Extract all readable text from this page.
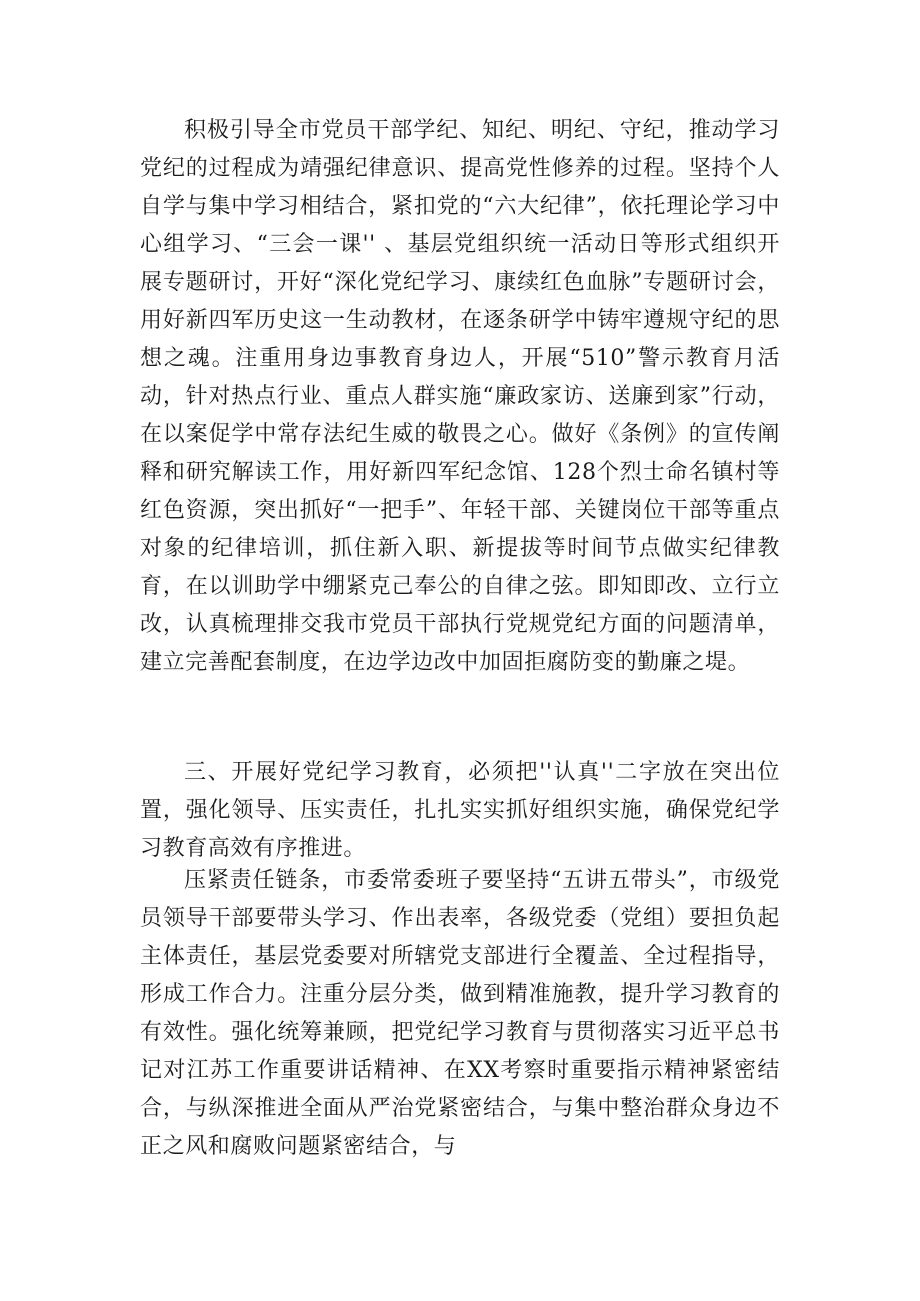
积极引导全市党员干部学纪、知纪、明纪、守纪，推动学习党纪的过程成为靖强纪律意识、提高党性修养的过程。坚持个人自学与集中学习相结合，紧扣党的“六大纪律”，依托理论学习中心组学习、“三会一课'' 、基层党组织统一活动日等形式组织开展专题研讨，开好“深化党纪学习、康续红色血脉”专题研讨会，用好新四军历史这一生动教材，在逐条研学中铸牢遵规守纪的思想之魂。注重用身边事教育身边人，开展“510”警示教育月活动，针对热点行业、重点人群实施“廉政家访、送廉到家”行动，在以案促学中常存法纪生威的敬畏之心。做好《条例》的宣传阐释和研究解读工作，用好新四军纪念馆、128个烈士命名镇村等红色资源，突出抓好“一把手”、年轻干部、关键岗位干部等重点对象的纪律培训，抓住新入职、新提拔等时间节点做实纪律教育，在以训助学中绷紧克己奉公的自律之弦。即知即改、立行立改，认真梳理排交我市党员干部执行党规党纪方面的问题清单，建立完善配套制度，在边学边改中加固拒腐防变的勤廉之堤。

三、开展好党纪学习教育，必须把''认真''二字放在突出位置，强化领导、压实责任，扎扎实实抓好组织实施，确保党纪学习教育高效有序推进。

压紧责任链条，市委常委班子要坚持“五讲五带头”，市级党员领导干部要带头学习、作出表率，各级党委（党组）要担负起主体责任，基层党委要对所辖党支部进行全覆盖、全过程指导，形成工作合力。注重分层分类，做到精准施教，提升学习教育的有效性。强化统筹兼顾，把党纪学习教育与贯彻落实习近平总书记对江苏工作重要讲话精神、在XX考察时重要指示精神紧密结合，与纵深推进全面从严治党紧密结合，与集中整治群众身边不正之风和腐败问题紧密结合，与
